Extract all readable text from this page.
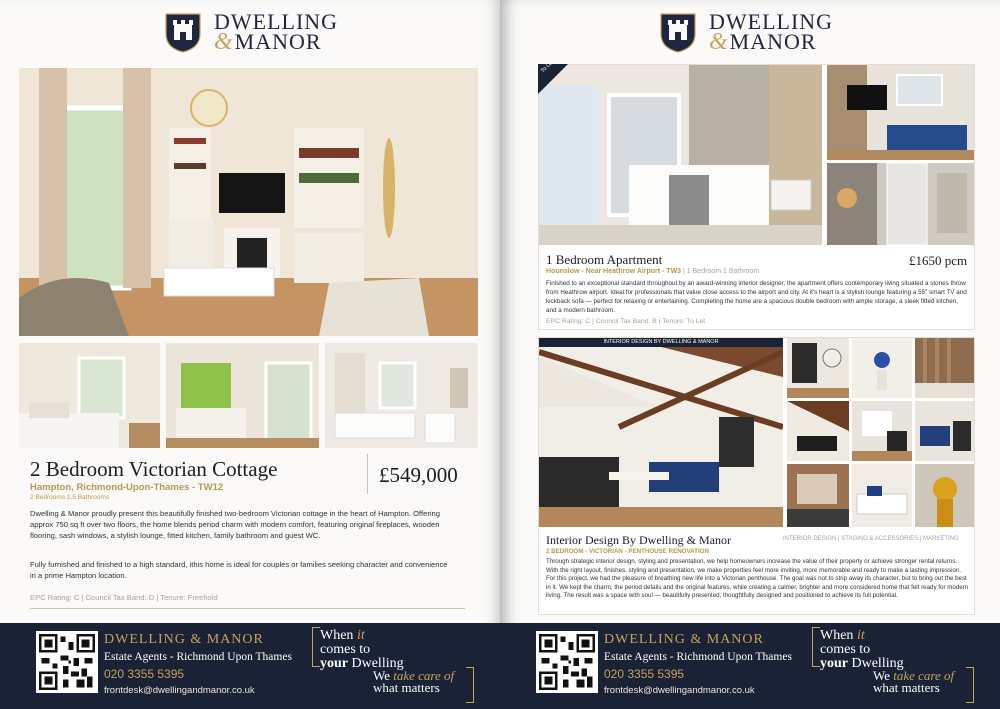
DWELLING
&MANOR
2 Bedroom Victorian Cottage	£549,000
Hampton, Richmond-Upon-Thames - TW12
2 Bedrooms 1.5 Bathrooms

Dwelling & Manor proudly present this beautifully finished two-bedroom Victorian cottage in the heart of Hampton. Offering approx 750 sq ft over two floors, the home blends period charm with modern comfort, featuring original fireplaces, wooden flooring, sash windows, a stylish lounge, fitted kitchen, family bathroom and guest WC.

Fully furnished and finished to a high standard, ithis home is ideal for couples or families seeking character and convenience in a prime Hampton location.

EPC Rating: C | Council Tax Band: D | Tenure: Freehold
DWELLING & MANOR
Estate Agents - Richmond Upon Thames
020 3355 5395
frontdesk@dwellingandmanor.co.uk
When it
comes to
your Dwelling
We take care of
what matters
DWELLING
&MANOR
To Let
1 Bedroom Apartment	£1650 pcm
Hounslow - Near Heathrow Airport - TW3 | 1 Bedroom 1 Bathroom

Finished to an exceptional standard throughout by an award-winning interior designer, the apartment offers contemporary living situated a stones throw from Heathrow airport. Ideal for professionals that value close access to the airport and city. At it's heart is a stylish lounge featuring a 55" smart TV and kickback sofa — perfect for relaxing or entertaining. Completing the home are a spacious double bedroom with ample storage, a sleek fitted kitchen, and a modern bathroom.

EPC Rating: C | Council Tax Band: B | Tenure: To Let
INTERIOR DESIGN BY DWELLING & MANOR
Interior Design By Dwelling & Manor	INTERIOR DESIGN | STAGING & ACCESSORIES | MARKETING
2 BEDROOM - VICTORIAN - PENTHOUSE RENOVATION

Through strategic interior design, styling and presentation, we help homeowners increase the value of their property or achieve stronger rental returns. With the right layout, finishes, styling and presentation, we make properties feel more inviting, more memorable and ready to make a lasting impression. For this project, we had the pleasure of breathing new life into a Victorian penthouse. The goal was not to strip away its character, but to bring out the best in it. We kept the charm, the period details and the original features, while creating a calmer, brighter and more considered home that felt ready for modern living. The result was a space with soul — beautifully presented, thoughtfully designed and positioned to achieve its full potential.

DWELLING & MANOR
Estate Agents - Richmond Upon Thames
020 3355 5395
frontdesk@dwellingandmanor.co.uk
When it
comes to
your Dwelling
We take care of
what matters
